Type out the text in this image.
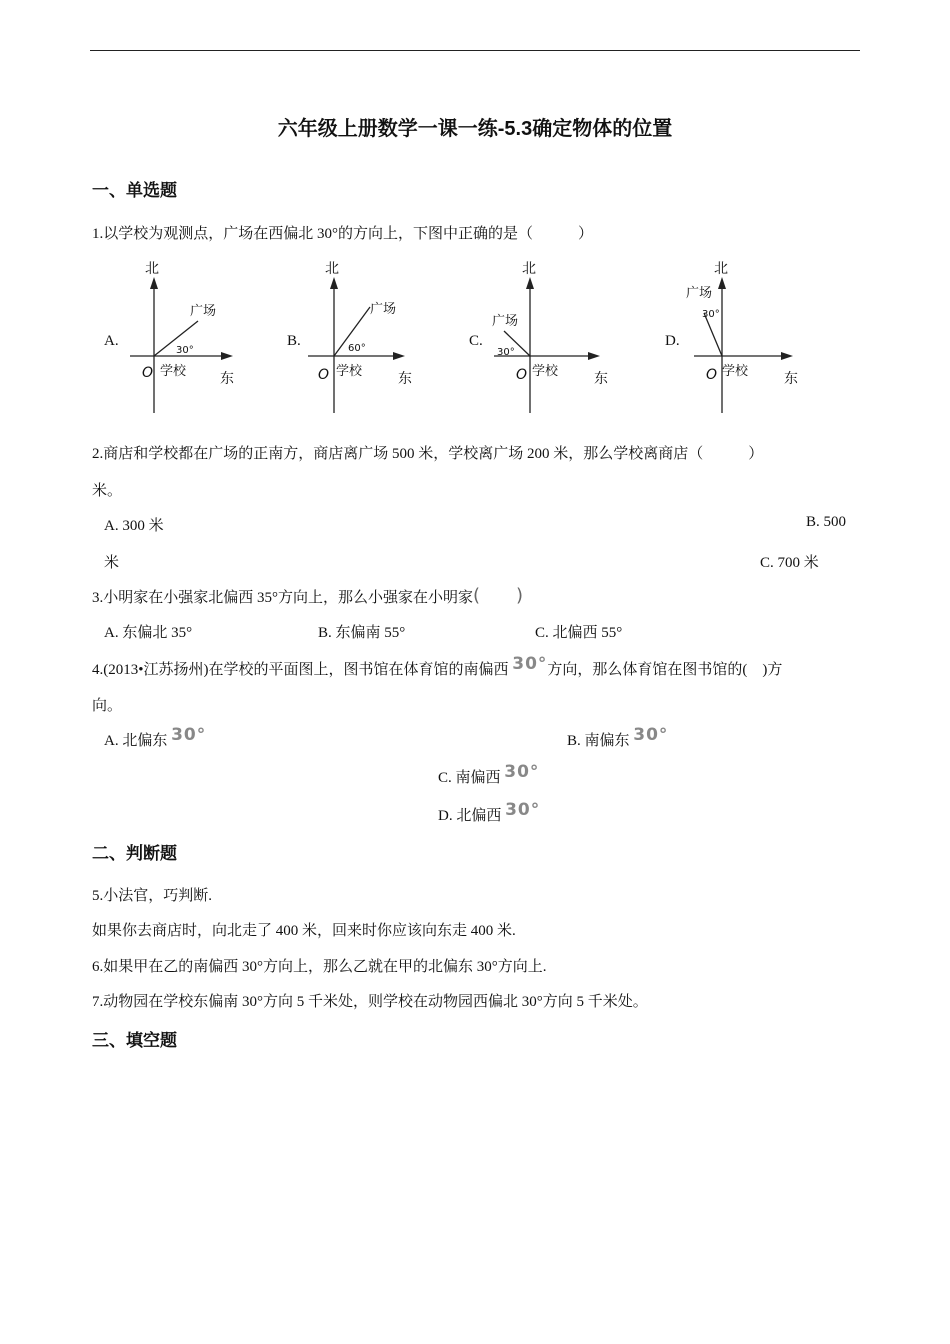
六年级上册数学一课一练-5.3确定物体的位置
一、单选题
1.以学校为观测点，广场在西偏北 30°的方向上，下图中正确的是（　　　）
A.
北
东
O 学校
广场
30°
B.
北
东
O 学校
广场
60°	C.
北
东
O 学校
广场
30°
D.
北
东
O 学校
广场
30°
2.商店和学校都在广场的正南方，商店离广场 500 米，学校离广场 200 米，那么学校离商店（　　　）
米。
A. 300 米	B. 500
米	C. 700 米
3.小明家在小强家北偏西 35°方向上，那么小强家在小明家(　　)
A. 东偏北 35°	B. 东偏南 55°	C. 北偏西 55°
4.(2013•江苏扬州)在学校的平面图上，图书馆在体育馆的南偏西 30°方向，那么体育馆在图书馆的(　)方
向。
A. 北偏东 30°	B. 南偏东 30°
C. 南偏西 30°
D. 北偏西 30°
二、判断题
5.小法官，巧判断.
如果你去商店时，向北走了 400 米，回来时你应该向东走 400 米.
6.如果甲在乙的南偏西 30°方向上，那么乙就在甲的北偏东 30°方向上.
7.动物园在学校东偏南 30°方向 5 千米处，则学校在动物园西偏北 30°方向 5 千米处。
三、填空题
